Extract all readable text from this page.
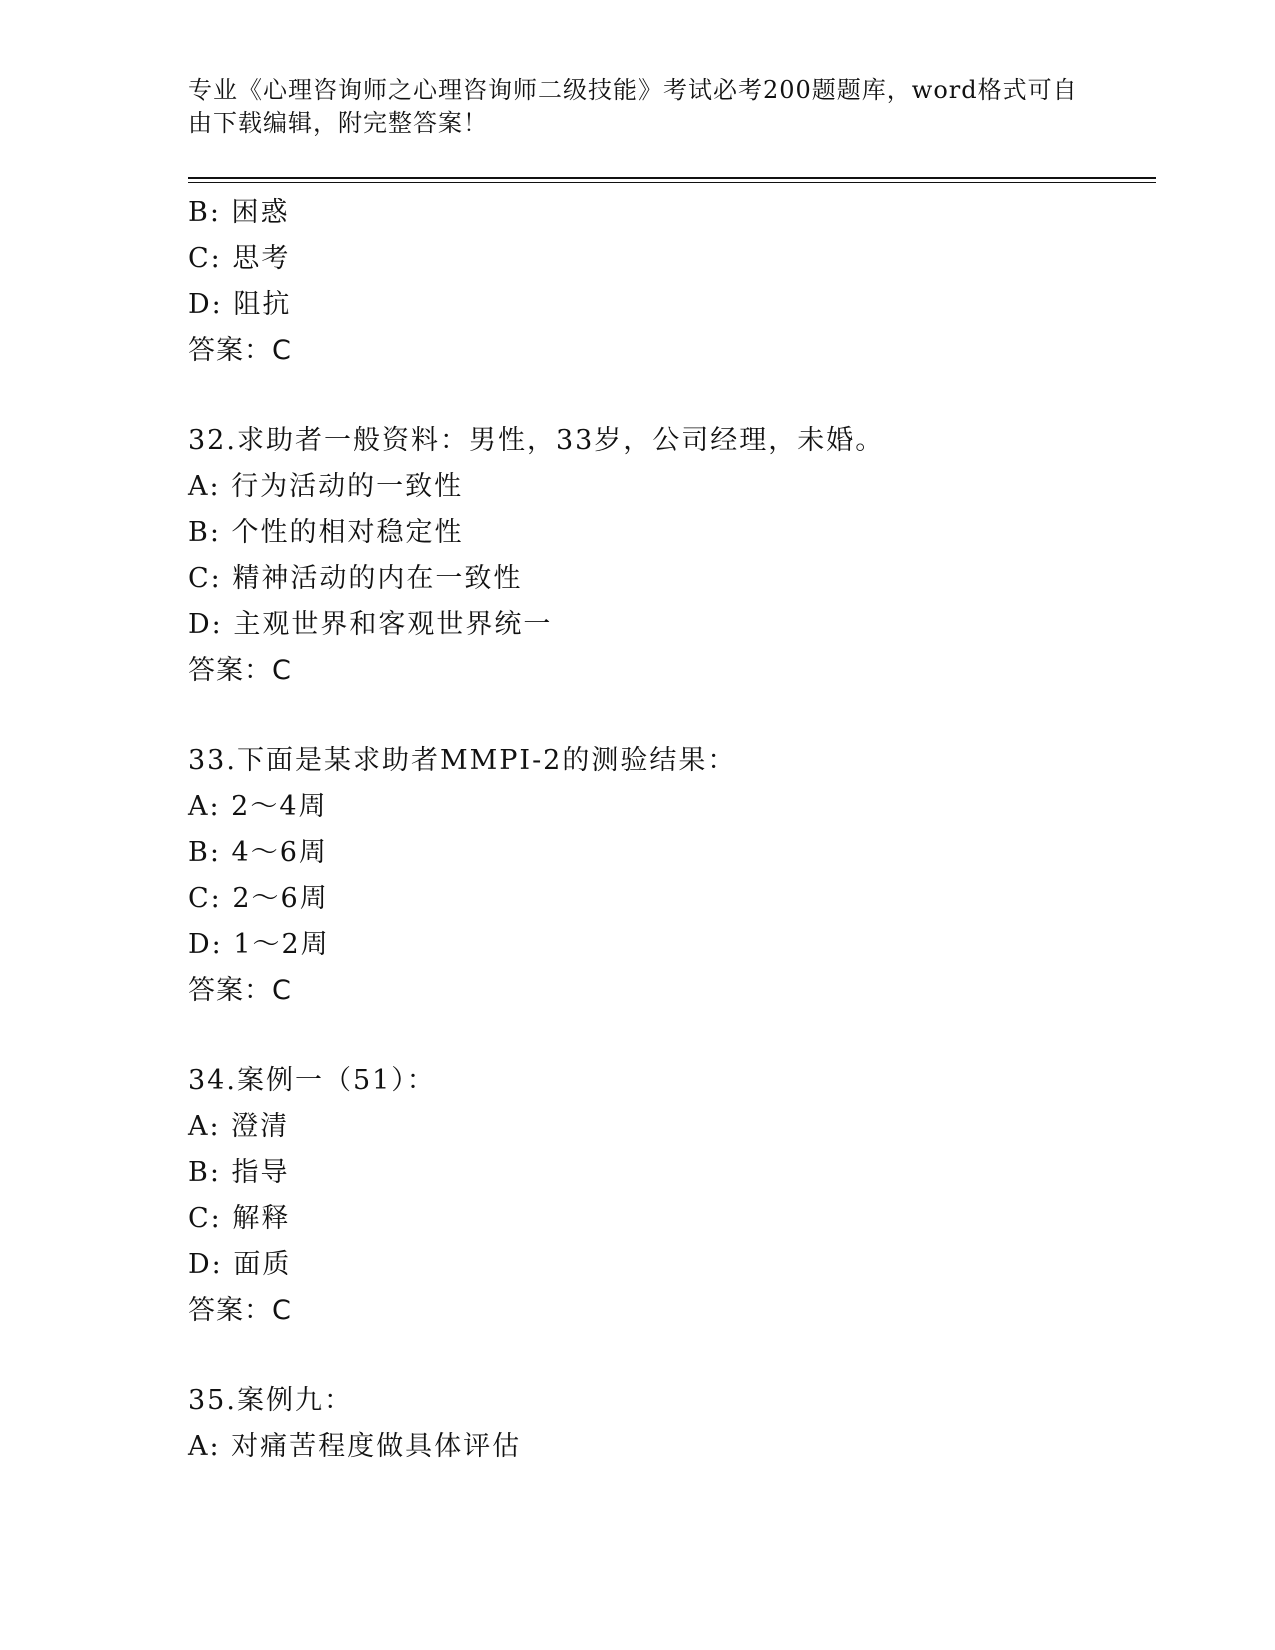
专业《心理咨询师之心理咨询师二级技能》考试必考200题题库，word格式可自
由下载编辑，附完整答案！
B: 困惑
C: 思考
D: 阻抗
答案：C
32.求助者一般资料：男性，33岁，公司经理，未婚。
A: 行为活动的一致性
B: 个性的相对稳定性
C: 精神活动的内在一致性
D: 主观世界和客观世界统一
答案：C
33.下面是某求助者MMPI-2的测验结果：
A: 2～4周
B: 4～6周
C: 2～6周
D: 1～2周
答案：C
34.案例一（51）：
A: 澄清
B: 指导
C: 解释
D: 面质
答案：C
35.案例九：
A: 对痛苦程度做具体评估
